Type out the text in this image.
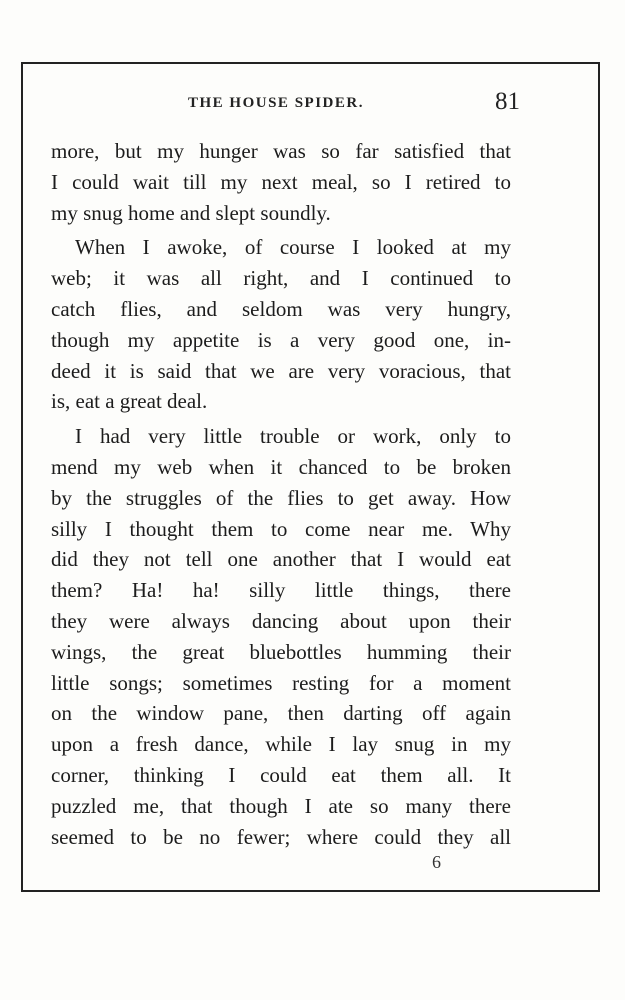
THE HOUSE SPIDER.	81
more, but my hunger was so far satisfied that
I could wait till my next meal, so I retired to
my snug home and slept soundly.
When I awoke, of course I looked at my
web; it was all right, and I continued to
catch flies, and seldom was very hungry,
though my appetite is a very good one, in-
deed it is said that we are very voracious, that
is, eat a great deal.
I had very little trouble or work, only to
mend my web when it chanced to be broken
by the struggles of the flies to get away. How
silly I thought them to come near me. Why
did they not tell one another that I would eat
them? Ha! ha! silly little things, there
they were always dancing about upon their
wings, the great bluebottles humming their
little songs; sometimes resting for a moment
on the window pane, then darting off again
upon a fresh dance, while I lay snug in my
corner, thinking I could eat them all. It
puzzled me, that though I ate so many there
seemed to be no fewer; where could they all
6
